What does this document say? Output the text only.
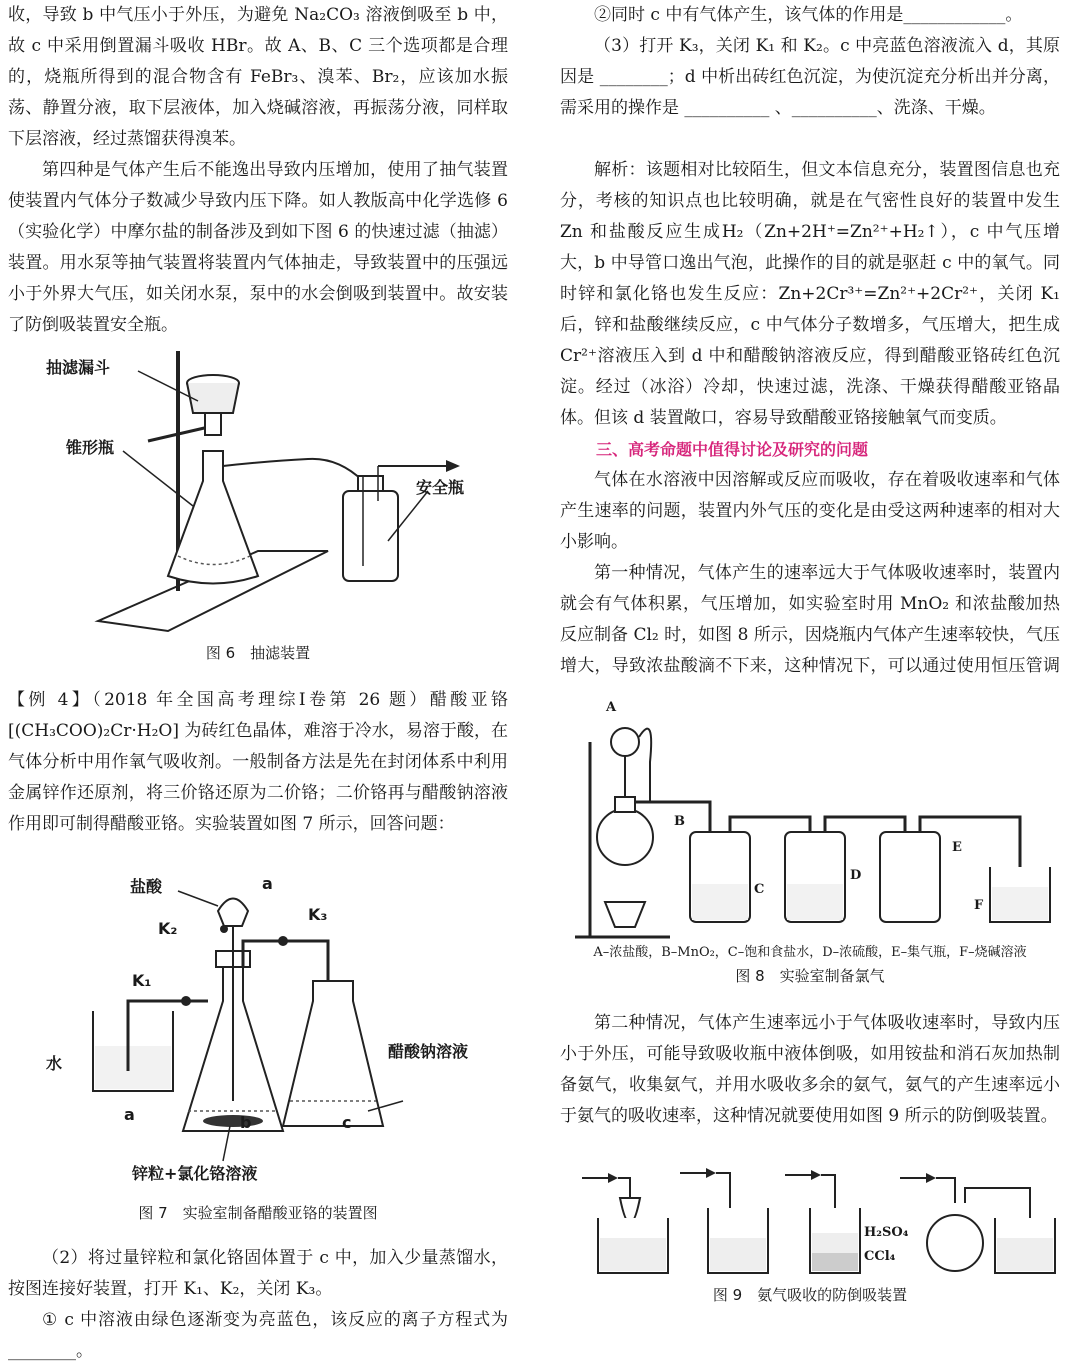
收，导致 b 中气压小于外压，为避免 Na₂CO₃ 溶液倒吸至 b 中，故 c 中采用倒置漏斗吸收 HBr。故 A、B、C 三个选项都是合理的，烧瓶所得到的混合物含有 FeBr₃、溴苯、Br₂，应该加水振荡、静置分液，取下层液体，加入烧碱溶液，再振荡分液，同样取下层溶液，经过蒸馏获得溴苯。

第四种是气体产生后不能逸出导致内压增加，使用了抽气装置使装置内气体分子数减少导致内压下降。如人教版高中化学选修 6（实验化学）中摩尔盐的制备涉及到如下图 6 的快速过滤（抽滤）装置。用水泵等抽气装置将装置内气体抽走，导致装置中的压强远小于外界大气压，如关闭水泵，泵中的水会倒吸到装置中。故安装了防倒吸装置安全瓶。

抽滤漏斗
锥形瓶
安全瓶
图 6　抽滤装置

【例 4】（2018 年全国高考理综Ⅰ卷第 26 题）醋酸亚铬 [(CH₃COO)₂Cr·H₂O] 为砖红色晶体，难溶于冷水，易溶于酸，在气体分析中用作氧气吸收剂。一般制备方法是先在封闭体系中利用金属锌作还原剂，将三价铬还原为二价铬；二价铬再与醋酸钠溶液作用即可制得醋酸亚铬。实验装置如图 7 所示，回答问题：

盐酸	a
K₂
K₃
K₁
水
醋酸钠溶液
a	b	c
锌粒+氯化铬溶液
图 7　实验室制备醋酸亚铬的装置图

（2）将过量锌粒和氯化铬固体置于 c 中，加入少量蒸馏水，按图连接好装置，打开 K₁、K₂，关闭 K₃。

① c 中溶液由绿色逐渐变为亮蓝色，该反应的离子方程式为 ________。

②同时 c 中有气体产生，该气体的作用是____________。

（3）打开 K₃，关闭 K₁ 和 K₂。c 中亮蓝色溶液流入 d，其原因是 ________；d 中析出砖红色沉淀，为使沉淀充分析出并分离，需采用的操作是 __________ 、__________、洗涤、干燥。

解析：该题相对比较陌生，但文本信息充分，装置图信息也充分，考核的知识点也比较明确，就是在气密性良好的装置中发生 Zn 和盐酸反应生成H₂（Zn+2H⁺=Zn²⁺+H₂↑），c 中气压增大，b 中导管口逸出气泡，此操作的目的就是驱赶 c 中的氧气。同时锌和氯化铬也发生反应：Zn+2Cr³⁺=Zn²⁺+2Cr²⁺，关闭 K₁ 后，锌和盐酸继续反应，c 中气体分子数增多，气压增大，把生成 Cr²⁺溶液压入到 d 中和醋酸钠溶液反应，得到醋酸亚铬砖红色沉淀。经过（冰浴）冷却，快速过滤，洗涤、干燥获得醋酸亚铬晶体。但该 d 装置敞口，容易导致醋酸亚铬接触氧气而变质。

三、高考命题中值得讨论及研究的问题

气体在水溶液中因溶解或反应而吸收，存在着吸收速率和气体产生速率的问题，装置内外气压的变化是由受这两种速率的相对大小影响。

第一种情况，气体产生的速率远大于气体吸收速率时，装置内就会有气体积累，气压增加，如实验室时用 MnO₂ 和浓盐酸加热反应制备 Cl₂ 时，如图 8 所示，因烧瓶内气体产生速率较快，气压增大，导致浓盐酸滴不下来，这种情况下，可以通过使用恒压管调

A
B
C
D
E
F
A–浓盐酸，B–MnO₂，C–饱和食盐水，D–浓硫酸，E–集气瓶，F–烧碱溶液
图 8　实验室制备氯气

第二种情况，气体产生速率远小于气体吸收速率时，导致内压小于外压，可能导致吸收瓶中液体倒吸，如用铵盐和消石灰加热制备氨气，收集氨气，并用水吸收多余的氨气，氨气的产生速率远小于氨气的吸收速率，这种情况就要使用如图 9 所示的防倒吸装置。

H₂SO₄
CCl₄
图 9　氨气吸收的防倒吸装置
